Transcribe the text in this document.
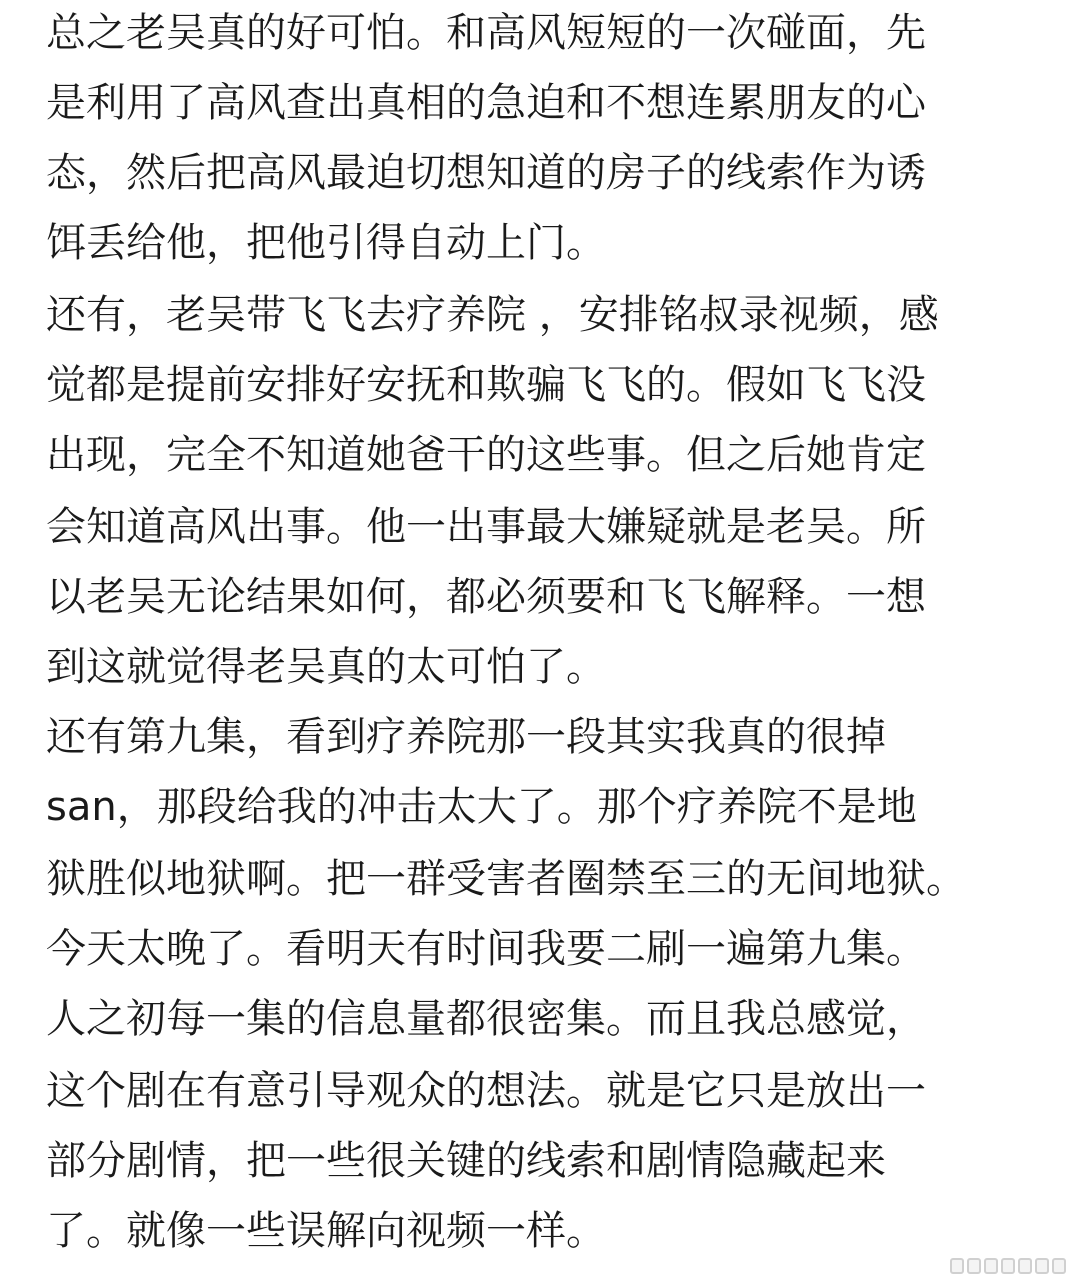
总之老吴真的好可怕。和高风短短的一次碰面，先
是利用了高风查出真相的急迫和不想连累朋友的心
态，然后把高风最迫切想知道的房子的线索作为诱
饵丢给他，把他引得自动上门。
还有，老吴带飞飞去疗养院 ，安排铭叔录视频，感
觉都是提前安排好安抚和欺骗飞飞的。假如飞飞没
出现，完全不知道她爸干的这些事。但之后她肯定
会知道高风出事。他一出事最大嫌疑就是老吴。所
以老吴无论结果如何，都必须要和飞飞解释。一想
到这就觉得老吴真的太可怕了。
还有第九集，看到疗养院那一段其实我真的很掉
san，那段给我的冲击太大了。那个疗养院不是地
狱胜似地狱啊。把一群受害者圈禁至三的无间地狱。
今天太晚了。看明天有时间我要二刷一遍第九集。
人之初每一集的信息量都很密集。而且我总感觉，
这个剧在有意引导观众的想法。就是它只是放出一
部分剧情，把一些很关键的线索和剧情隐藏起来
了。就像一些误解向视频一样。
